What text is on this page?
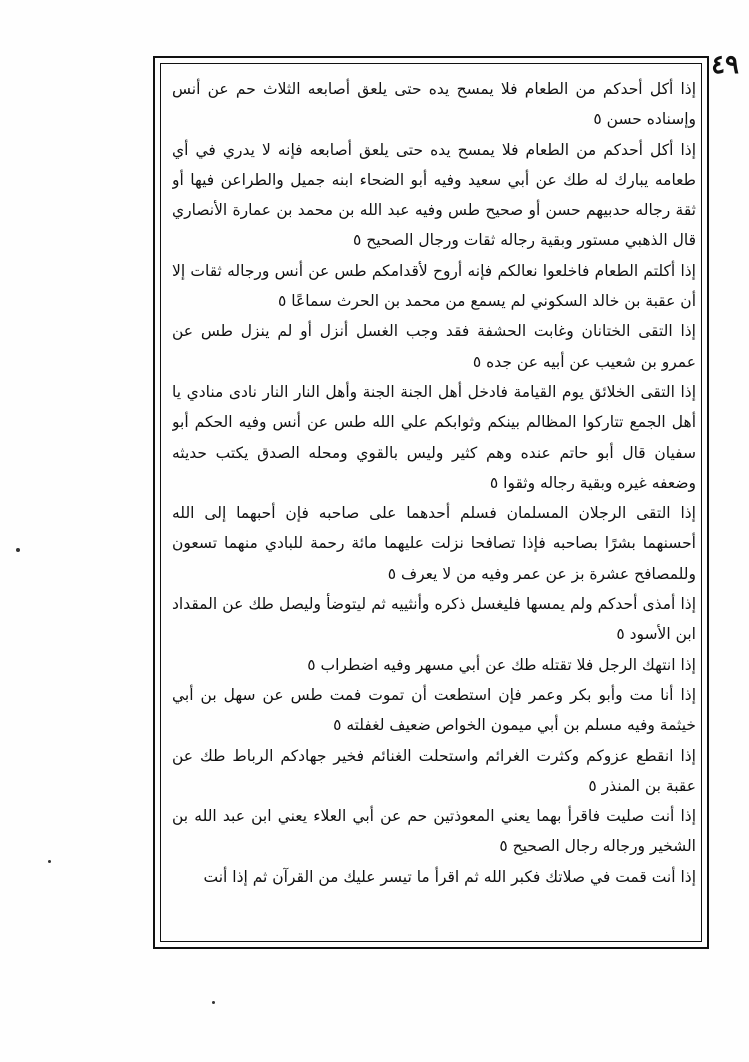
٤٩

إذا أكل أحدكم من الطعام فلا يمسح يده حتى يلعق أصابعه الثلاث حم عن أنس وإسناده حسن ٥

إذا أكل أحدكم من الطعام فلا يمسح يده حتى يلعق أصابعه فإنه لا يدري في أي طعامه يبارك له طك عن أبي سعيد وفيه أبو الضحاء ابنه جميل والطراعن فيها أو ثقة رجاله حدبيهم حسن أو صحيح طس وفيه عبد الله بن محمد بن عمارة الأنصاري قال الذهبي مستور وبقية رجاله ثقات ورجال الصحيح ٥

إذا أكلتم الطعام فاخلعوا نعالكم فإنه أروح لأقدامكم طس عن أنس ورجاله ثقات إلا أن عقبة بن خالد السكوني لم يسمع من محمد بن الحرث سماعًا ٥

إذا التقى الختانان وغابت الحشفة فقد وجب الغسل أنزل أو لم ينزل طس عن عمرو بن شعيب عن أبيه عن جده ٥

إذا التقى الخلائق يوم القيامة فادخل أهل الجنة الجنة وأهل النار النار نادى منادي يا أهل الجمع تتاركوا المظالم بينكم وثوابكم علي الله طس عن أنس وفيه الحكم أبو سفيان قال أبو حاتم عنده وهم كثير وليس بالقوي ومحله الصدق يكتب حديثه وضعفه غيره وبقية رجاله وثقوا ٥

إذا التقى الرجلان المسلمان فسلم أحدهما على صاحبه فإن أحبهما إلى الله أحسنهما بشرًا بصاحبه فإذا تصافحا نزلت عليهما مائة رحمة للبادي منهما تسعون وللمصافح عشرة بز عن عمر وفيه من لا يعرف ٥

إذا أمذى أحدكم ولم يمسها فليغسل ذكره وأنثييه ثم ليتوضأ وليصل طك عن المقداد ابن الأسود ٥

إذا انتهك الرجل فلا تقتله طك عن أبي مسهر وفيه اضطراب ٥

إذا أنا مت وأبو بكر وعمر فإن استطعت أن تموت فمت طس عن سهل بن أبي خيثمة وفيه مسلم بن أبي ميمون الخواص ضعيف لغفلته ٥

إذا انقطع عزوكم وكثرت الغرائم واستحلت الغنائم فخير جهادكم الرباط طك عن عقبة بن المنذر ٥

إذا أنت صليت فاقرأ بهما يعني المعوذتين حم عن أبي العلاء يعني ابن عبد الله بن الشخير ورجاله رجال الصحيح ٥

إذا أنت قمت في صلاتك فكبر الله ثم اقرأ ما تيسر عليك من القرآن ثم إذا أنت
